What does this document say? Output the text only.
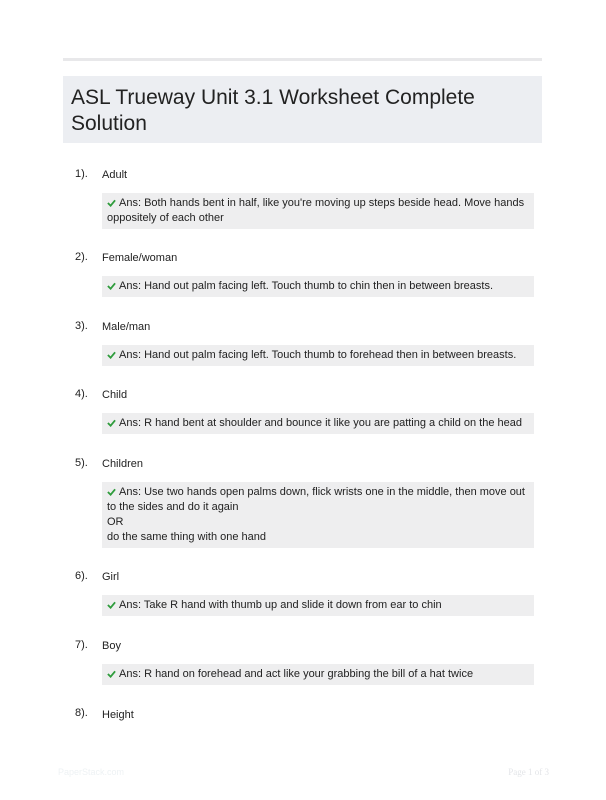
ASL Trueway Unit 3.1 Worksheet Complete Solution
1). Adult
Ans: Both hands bent in half, like you're moving up steps beside head. Move hands oppositely of each other
2). Female/woman
Ans: Hand out palm facing left. Touch thumb to chin then in between breasts.
3). Male/man
Ans: Hand out palm facing left. Touch thumb to forehead then in between breasts.
4). Child
Ans: R hand bent at shoulder and bounce it like you are patting a child on the head
5). Children
Ans: Use two hands open palms down, flick wrists one in the middle, then move out to the sides and do it again
OR
do the same thing with one hand
6). Girl
Ans: Take R hand with thumb up and slide it down from ear to chin
7). Boy
Ans: R hand on forehead and act like your grabbing the bill of a hat twice
8). Height
PaperStack.com	Page 1 of 3
